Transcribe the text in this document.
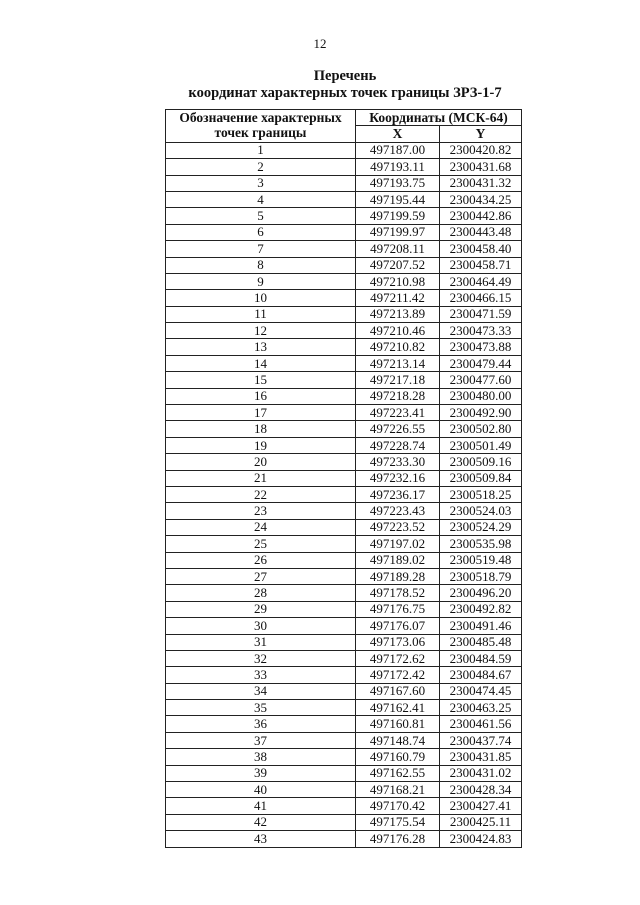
12
Перечень
координат характерных точек границы ЗРЗ-1-7
Обозначение характерных
точек границы	Координаты (МСК-64)	
	X	Y
1	497187.00	2300420.82
2	497193.11	2300431.68
3	497193.75	2300431.32
4	497195.44	2300434.25
5	497199.59	2300442.86
6	497199.97	2300443.48
7	497208.11	2300458.40
8	497207.52	2300458.71
9	497210.98	2300464.49
10	497211.42	2300466.15
11	497213.89	2300471.59
12	497210.46	2300473.33
13	497210.82	2300473.88
14	497213.14	2300479.44
15	497217.18	2300477.60
16	497218.28	2300480.00
17	497223.41	2300492.90
18	497226.55	2300502.80
19	497228.74	2300501.49
20	497233.30	2300509.16
21	497232.16	2300509.84
22	497236.17	2300518.25
23	497223.43	2300524.03
24	497223.52	2300524.29
25	497197.02	2300535.98
26	497189.02	2300519.48
27	497189.28	2300518.79
28	497178.52	2300496.20
29	497176.75	2300492.82
30	497176.07	2300491.46
31	497173.06	2300485.48
32	497172.62	2300484.59
33	497172.42	2300484.67
34	497167.60	2300474.45
35	497162.41	2300463.25
36	497160.81	2300461.56
37	497148.74	2300437.74
38	497160.79	2300431.85
39	497162.55	2300431.02
40	497168.21	2300428.34
41	497170.42	2300427.41
42	497175.54	2300425.11
43	497176.28	2300424.83
